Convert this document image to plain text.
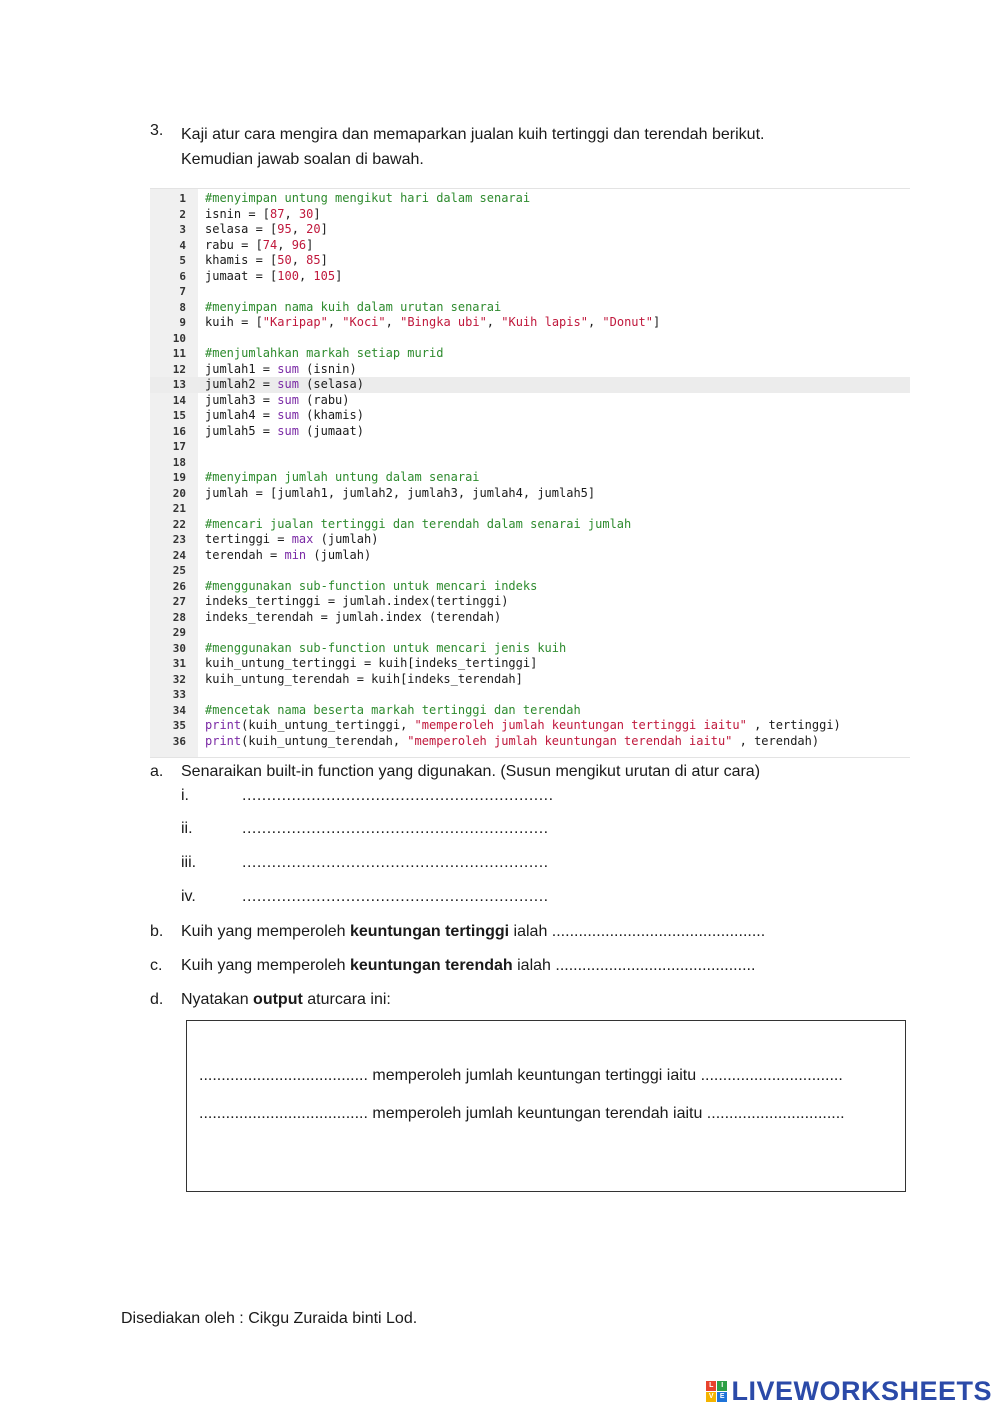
3. Kaji atur cara mengira dan memaparkan jualan kuih tertinggi dan terendah berikut.
Kemudian jawab soalan di bawah.
1 #menyimpan untung mengikut hari dalam senarai
2 isnin = [87, 30]
3 selasa = [95, 20]
4 rabu = [74, 96]
5 khamis = [50, 85]
6 jumaat = [100, 105]
7
8 #menyimpan nama kuih dalam urutan senarai
9 kuih = ["Karipap", "Koci", "Bingka ubi", "Kuih lapis", "Donut"]
10
11 #menjumlahkan markah setiap murid
12 jumlah1 = sum (isnin)
13 jumlah2 = sum (selasa)
14 jumlah3 = sum (rabu)
15 jumlah4 = sum (khamis)
16 jumlah5 = sum (jumaat)
17
18
19 #menyimpan jumlah untung dalam senarai
20 jumlah = [jumlah1, jumlah2, jumlah3, jumlah4, jumlah5]
21
22 #mencari jualan tertinggi dan terendah dalam senarai jumlah
23 tertinggi = max (jumlah)
24 terendah = min (jumlah)
25
26 #menggunakan sub-function untuk mencari indeks
27 indeks_tertinggi = jumlah.index(tertinggi)
28 indeks_terendah = jumlah.index (terendah)
29
30 #menggunakan sub-function untuk mencari jenis kuih
31 kuih_untung_tertinggi = kuih[indeks_tertinggi]
32 kuih_untung_terendah = kuih[indeks_terendah]
33
34 #mencetak nama beserta markah tertinggi dan terendah
35 print(kuih_untung_tertinggi, "memperoleh jumlah keuntungan tertinggi iaitu" , tertinggi)
36 print(kuih_untung_terendah, "memperoleh jumlah keuntungan terendah iaitu" , terendah)
a. Senaraikan built-in function yang digunakan. (Susun mengikut urutan di atur cara)
i.	...............................................................
ii.	..............................................................
iii.	..............................................................
iv.	..............................................................
b. Kuih yang memperoleh keuntungan tertinggi ialah ................................................
c. Kuih yang memperoleh keuntungan terendah ialah .............................................
d. Nyatakan output aturcara ini:
...................................... memperoleh jumlah keuntungan tertinggi iaitu ................................
...................................... memperoleh jumlah keuntungan terendah iaitu ...............................
Disediakan oleh : Cikgu Zuraida binti Lod.
L	I
V E LIVEWORKSHEETS
